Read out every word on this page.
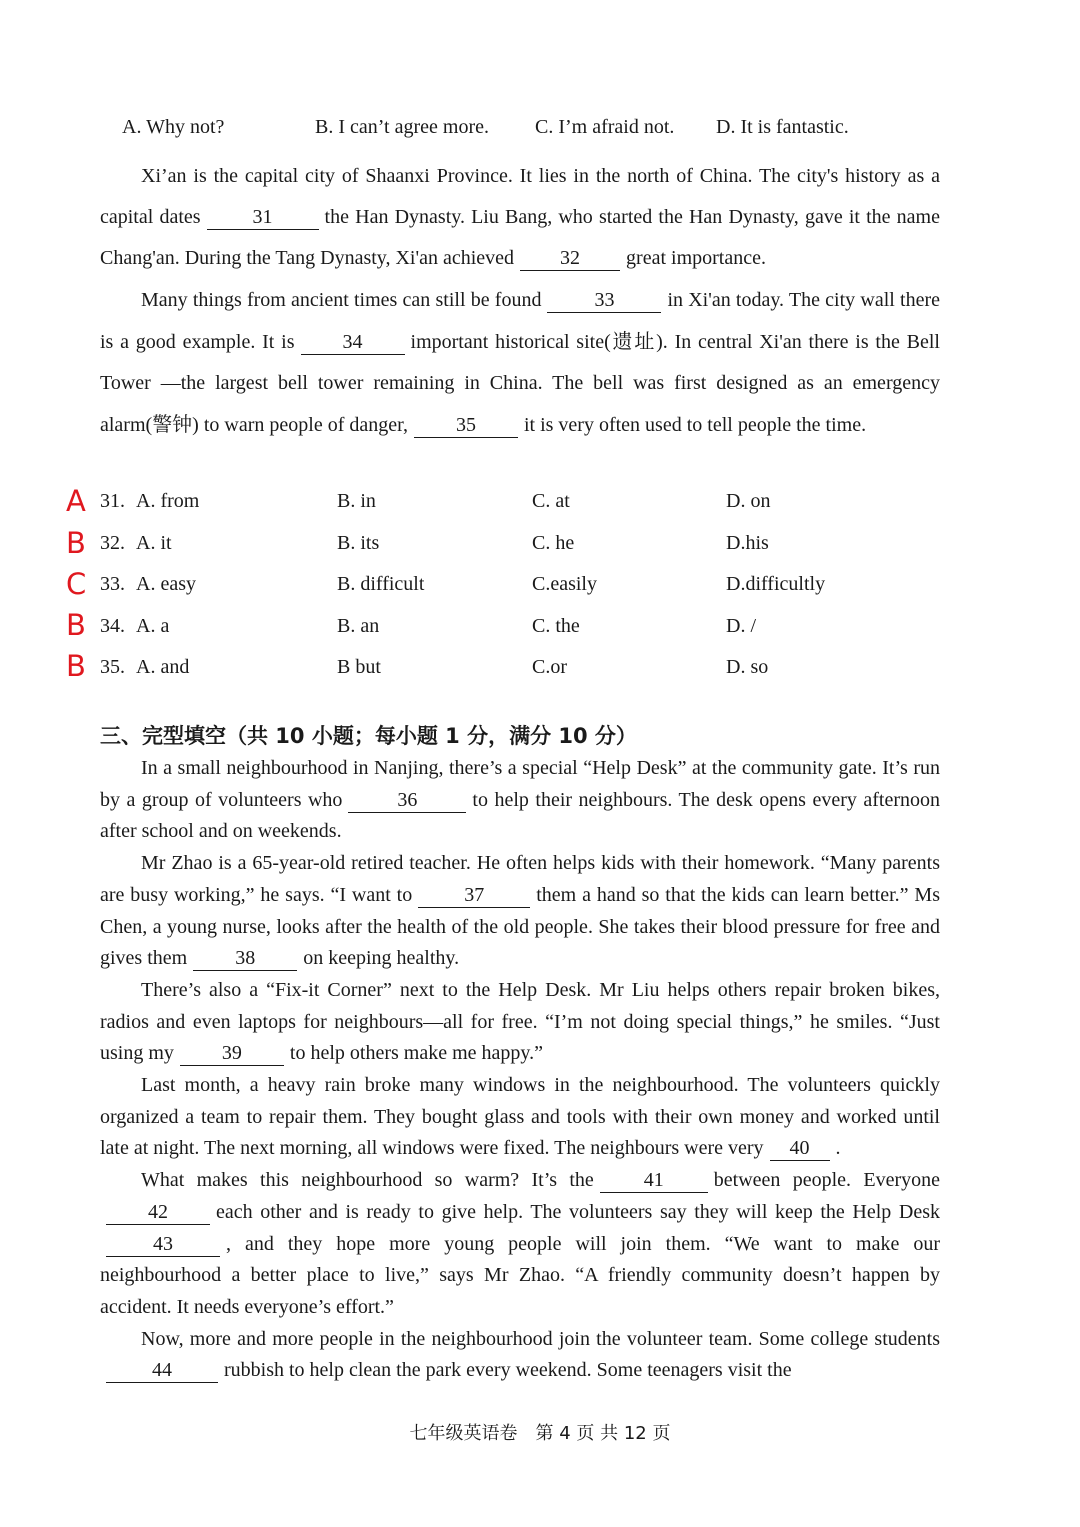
A. Why not?	B. I can’t agree more. C. I’m afraid not. D. It is fantastic.
Xi’an is the capital city of Shaanxi Province. It lies in the north of China. The city's history as a capital dates	31	the Han Dynasty. Liu Bang, who started the Han Dynasty, gave it the name Chang'an. During the Tang Dynasty, Xi'an achieved 32 great importance.
Many things from ancient times can still be found	33	in Xi'an today. The city wall there is a good example. It is 34 important historical site(遗址). In central Xi'an there is the Bell Tower —the largest bell tower remaining in China. The bell was first designed as an emergency alarm(警钟) to warn people of danger, 35 it is very often used to tell people the time.
A 31. A. from	B. in	C. at	D. on
B 32. A. it	B. its	C. he	D.his
C 33. A. easy	B. difficult	C.easily	D.difficultly
B 34. A. a	B. an	C. the	D. /
B 35. A. and	B but	C.or	D. so
三、完型填空（共 10 小题；每小题 1 分，满分 10 分）
In a small neighbourhood in Nanjing, there’s a special “Help Desk” at the community gate. It’s run by a group of volunteers who	36	to help their neighbours. The desk opens every afternoon after school and on weekends.
Mr Zhao is a 65-year-old retired teacher. He often helps kids with their homework. “Many parents are busy working,” he says. “I want to	37	them a hand so that the kids can learn better.” Ms Chen, a young nurse, looks after the health of the old people. She takes their blood pressure for free and gives them 38 on keeping healthy.
There’s also a “Fix-it Corner” next to the Help Desk. Mr Liu helps others repair broken bikes, radios and even laptops for neighbours—all for free. “I’m not doing special things,” he smiles. “Just using my 39 to help others make me happy.”
Last month, a heavy rain broke many windows in the neighbourhood. The volunteers quickly organized a team to repair them. They bought glass and tools with their own money and worked until late at night. The next morning, all windows were fixed. The neighbours were very 40 .
What makes this neighbourhood so warm? It’s the	41	between people. Everyone42 each other and is ready to give help. The volunteers say they will keep the Help Desk43	, and they hope more young people will join them. “We want to make our neighbourhood a better place to live,” says Mr Zhao. “A friendly community doesn’t happen by accident. It needs everyone’s effort.”
Now, more and more people in the neighbourhood join the volunteer team. Some college students44	rubbish to help clean the park every weekend. Some teenagers visit the
七年级英语卷　第 4 页 共 12 页
